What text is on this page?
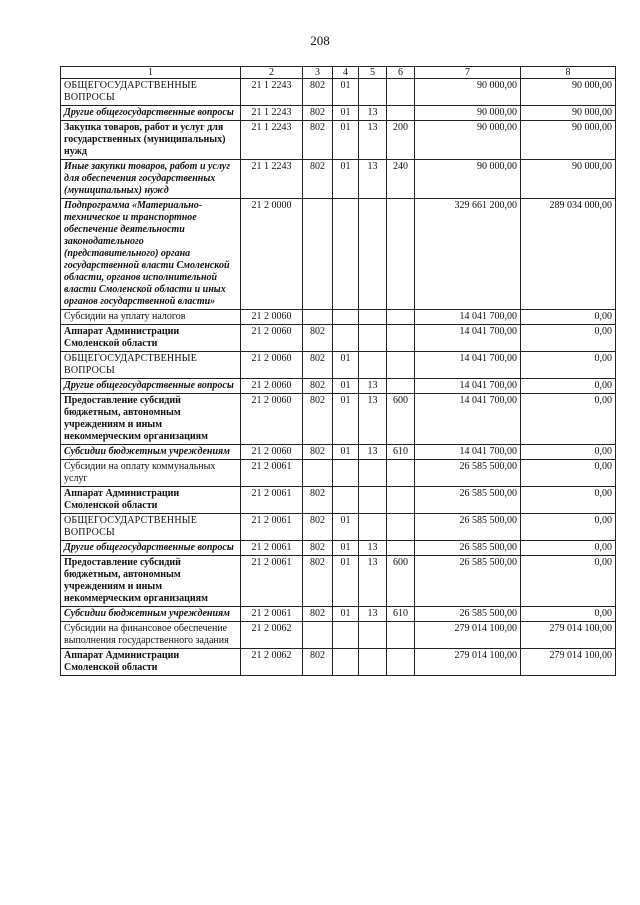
208
1	2	3	4	5	6	7	8
ОБЩЕГОСУДАРСТВЕННЫЕ ВОПРОСЫ	21 1 2243	802	01			90 000,00	90 000,00
Другие общегосударственные вопросы	21 1 2243	802	01	13		90 000,00	90 000,00
Закупка товаров, работ и услуг для государственных (муниципальных) нужд	21 1 2243	802	01	13	200	90 000,00	90 000,00
Иные закупки товаров, работ и услуг для обеспечения государственных (муниципальных) нужд	21 1 2243	802	01	13	240	90 000,00	90 000,00
Подпрограмма «Материально-техническое и транспортное обеспечение деятельности законодательного (представительного) органа государственной власти Смоленской области, органов исполнительной власти Смоленской области и иных органов государственной власти»	21 2 0000					329 661 200,00	289 034 000,00
Субсидии на уплату налогов	21 2 0060					14 041 700,00	0,00
Аппарат Администрации Смоленской области	21 2 0060	802				14 041 700,00	0,00
ОБЩЕГОСУДАРСТВЕННЫЕ ВОПРОСЫ	21 2 0060	802	01			14 041 700,00	0,00
Другие общегосударственные вопросы	21 2 0060	802	01	13		14 041 700,00	0,00
Предоставление субсидий бюджетным, автономным учреждениям и иным некоммерческим организациям	21 2 0060	802	01	13	600	14 041 700,00	0,00
Субсидии бюджетным учреждениям	21 2 0060	802	01	13	610	14 041 700,00	0,00
Субсидии на оплату коммунальных услуг	21 2 0061					26 585 500,00	0,00
Аппарат Администрации Смоленской области	21 2 0061	802				26 585 500,00	0,00
ОБЩЕГОСУДАРСТВЕННЫЕ ВОПРОСЫ	21 2 0061	802	01			26 585 500,00	0,00
Другие общегосударственные вопросы	21 2 0061	802	01	13		26 585 500,00	0,00
Предоставление субсидий бюджетным, автономным учреждениям и иным некоммерческим организациям	21 2 0061	802	01	13	600	26 585 500,00	0,00
Субсидии бюджетным учреждениям	21 2 0061	802	01	13	610	26 585 500,00	0,00
Субсидии на финансовое обеспечение выполнения государственного задания	21 2 0062					279 014 100,00	279 014 100,00
Аппарат Администрации Смоленской области	21 2 0062	802				279 014 100,00	279 014 100,00
